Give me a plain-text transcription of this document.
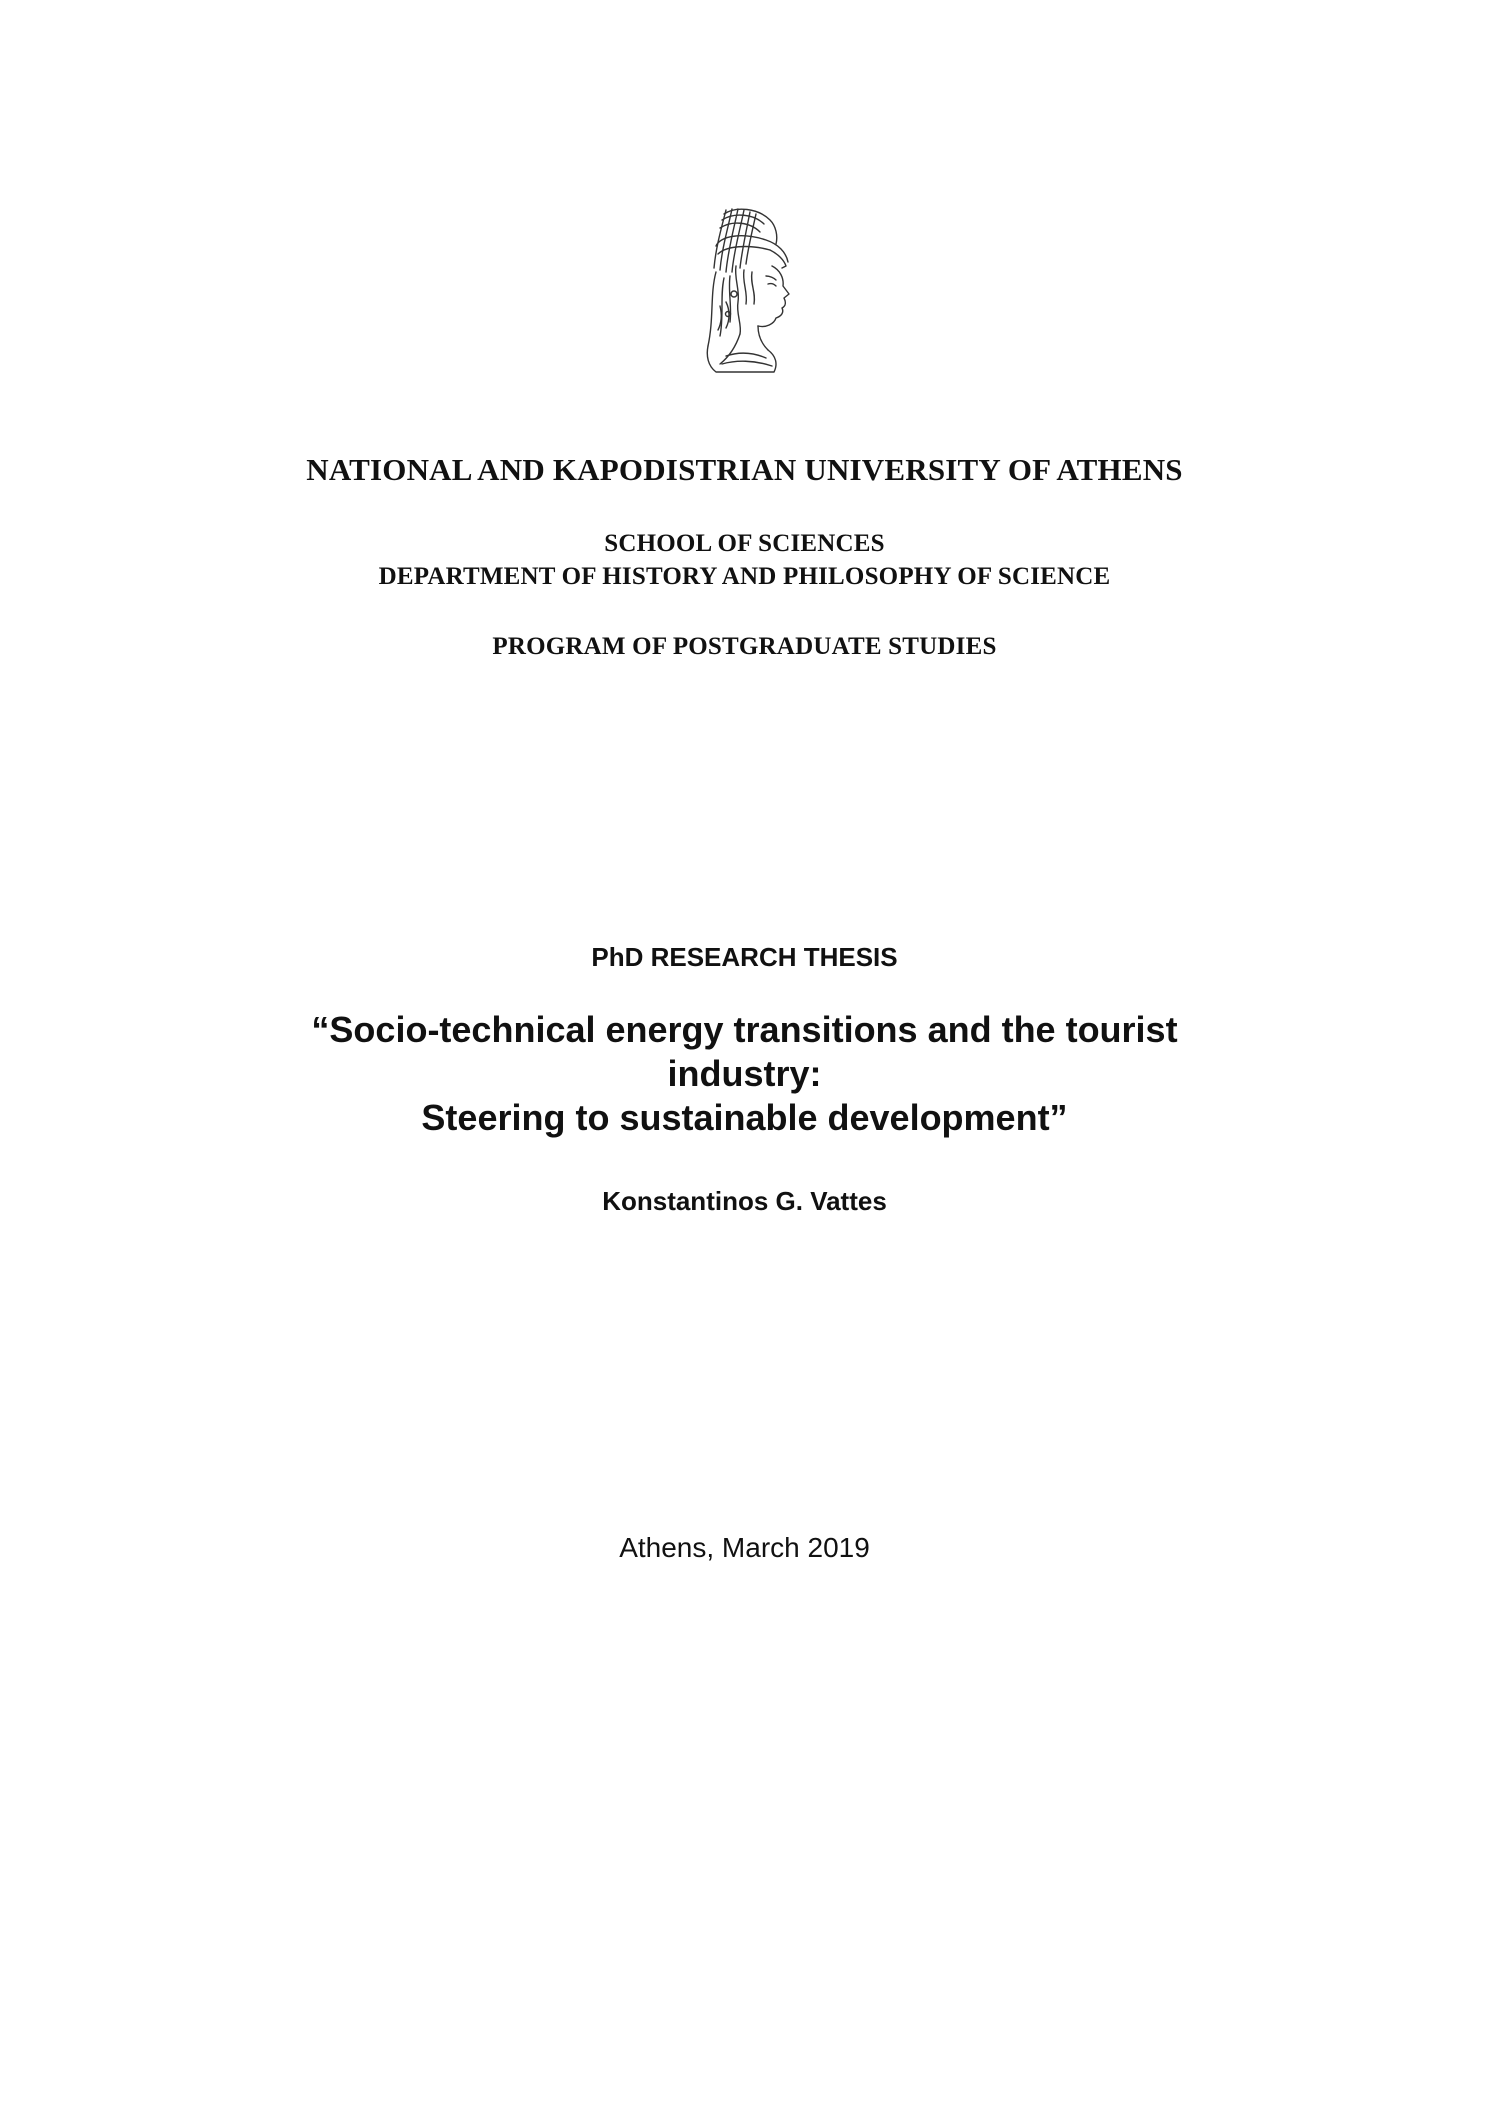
NATIONAL AND KAPODISTRIAN UNIVERSITY OF ATHENS

SCHOOL OF SCIENCES

DEPARTMENT OF HISTORY AND PHILOSOPHY OF SCIENCE

PROGRAM OF POSTGRADUATE STUDIES

PhD RESEARCH THESIS

“Socio-technical energy transitions and the tourist
industry:
Steering to sustainable development”

Konstantinos G. Vattes

Athens, March 2019
